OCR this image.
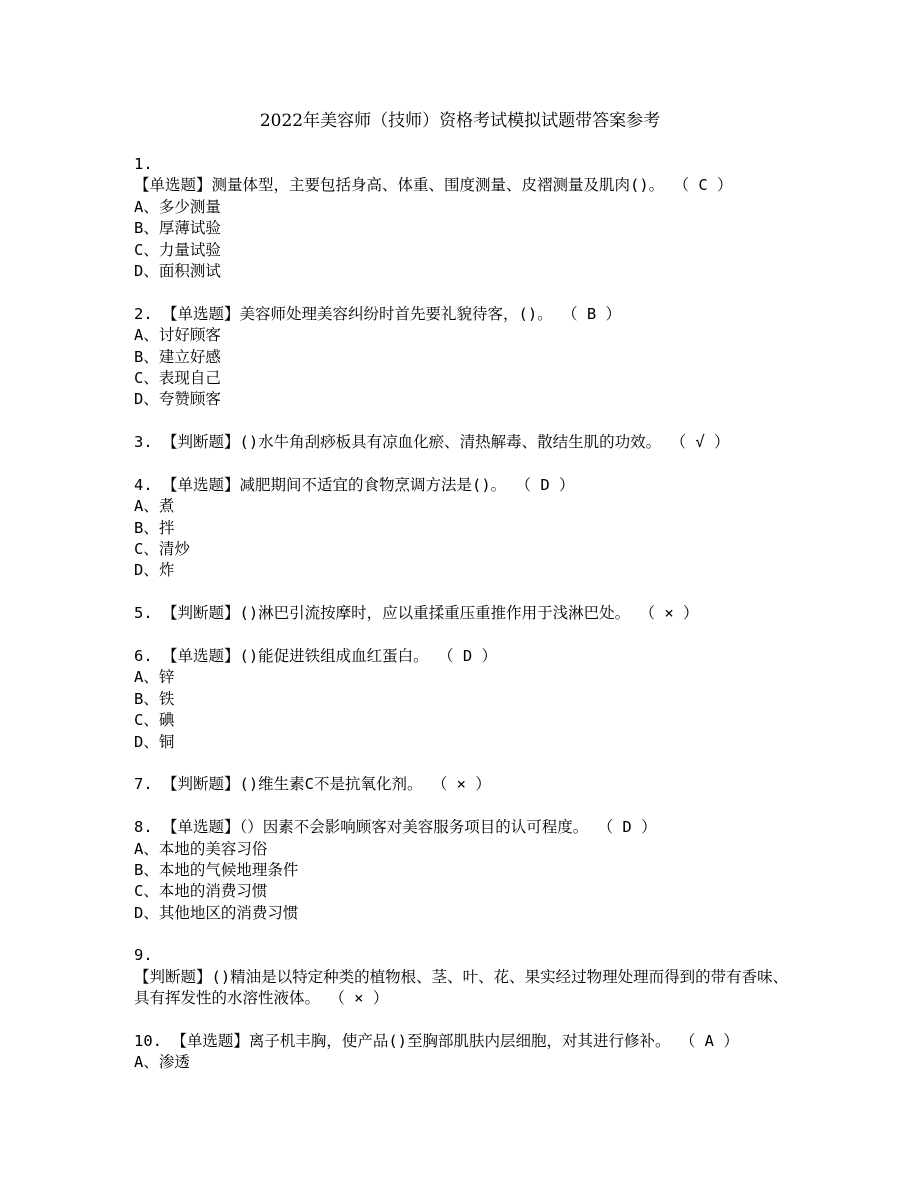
2022年美容师（技师）资格考试模拟试题带答案参考
1.
【单选题】测量体型，主要包括身高、体重、围度测量、皮褶测量及肌肉()。 （ C ）
A、多少测量
B、厚薄试验
C、力量试验
D、面积测试
2. 【单选题】美容师处理美容纠纷时首先要礼貌待客，()。 （ B ）
A、讨好顾客
B、建立好感
C、表现自己
D、夸赞顾客
3. 【判断题】()水牛角刮痧板具有凉血化瘀、清热解毒、散结生肌的功效。 （ √ ）
4. 【单选题】减肥期间不适宜的食物烹调方法是()。 （ D ）
A、煮
B、拌
C、清炒
D、炸
5. 【判断题】()淋巴引流按摩时，应以重揉重压重推作用于浅淋巴处。 （ × ）
6. 【单选题】()能促进铁组成血红蛋白。 （ D ）
A、锌
B、铁
C、碘
D、铜
7. 【判断题】()维生素C不是抗氧化剂。 （ × ）
8. 【单选题】（）因素不会影响顾客对美容服务项目的认可程度。 （ D ）
A、本地的美容习俗
B、本地的气候地理条件
C、本地的消费习惯
D、其他地区的消费习惯
9.
【判断题】()精油是以特定种类的植物根、茎、叶、花、果实经过物理处理而得到的带有香味、具有挥发性的水溶性液体。 （ × ）
10. 【单选题】离子机丰胸，使产品()至胸部肌肤内层细胞，对其进行修补。 （ A ）
A、渗透
